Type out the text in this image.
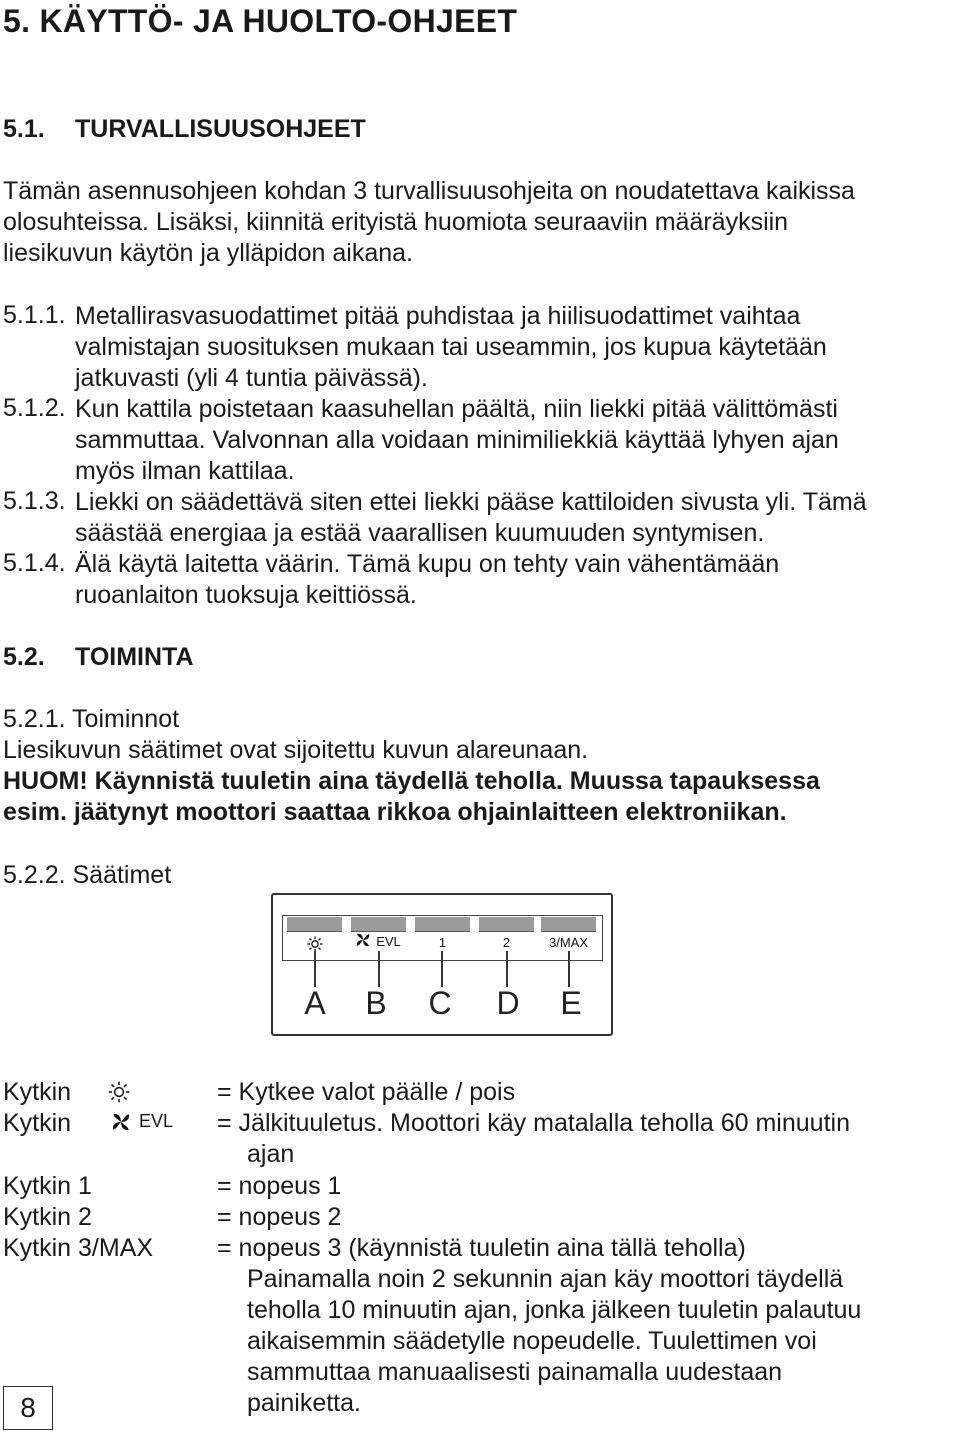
5. KÄYTTÖ- JA HUOLTO-OHJEET
5.1. TURVALLISUUSOHJEET
Tämän asennusohjeen kohdan 3 turvallisuusohjeita on noudatettava kaikissa
olosuhteissa. Lisäksi, kiinnitä erityistä huomiota seuraaviin määräyksiin
liesikuvun käytön ja ylläpidon aikana.
5.1.1. Metallirasvasuodattimet pitää puhdistaa ja hiilisuodattimet vaihtaa
valmistajan suosituksen mukaan tai useammin, jos kupua käytetään
jatkuvasti (yli 4 tuntia päivässä).
5.1.2. Kun kattila poistetaan kaasuhellan päältä, niin liekki pitää välittömästi
sammuttaa. Valvonnan alla voidaan minimiliekkiä käyttää lyhyen ajan
myös ilman kattilaa.
5.1.3. Liekki on säädettävä siten ettei liekki pääse kattiloiden sivusta yli. Tämä
säästää energiaa ja estää vaarallisen kuumuuden syntymisen.
5.1.4. Älä käytä laitetta väärin. Tämä kupu on tehty vain vähentämään
ruoanlaiton tuoksuja keittiössä.
5.2. TOIMINTA
5.2.1. Toiminnot
Liesikuvun säätimet ovat sijoitettu kuvun alareunaan.
HUOM! Käynnistä tuuletin aina täydellä teholla. Muussa tapauksessa
esim. jäätynyt moottori saattaa rikkoa ohjainlaitteen elektroniikan.
5.2.2. Säätimet
EVL	1	2	3/MAX
A B C D E
Kytkin	= Kytkee valot päälle / pois
Kytkin	EVL = Jälkituuletus. Moottori käy matalalla teholla 60 minuutin
ajan
Kytkin 1	= nopeus 1
Kytkin 2	= nopeus 2
Kytkin 3/MAX	= nopeus 3 (käynnistä tuuletin aina tällä teholla)
Painamalla noin 2 sekunnin ajan käy moottori täydellä
teholla 10 minuutin ajan, jonka jälkeen tuuletin palautuu
aikaisemmin säädetylle nopeudelle. Tuulettimen voi
sammuttaa manuaalisesti painamalla uudestaan
painiketta.
8
